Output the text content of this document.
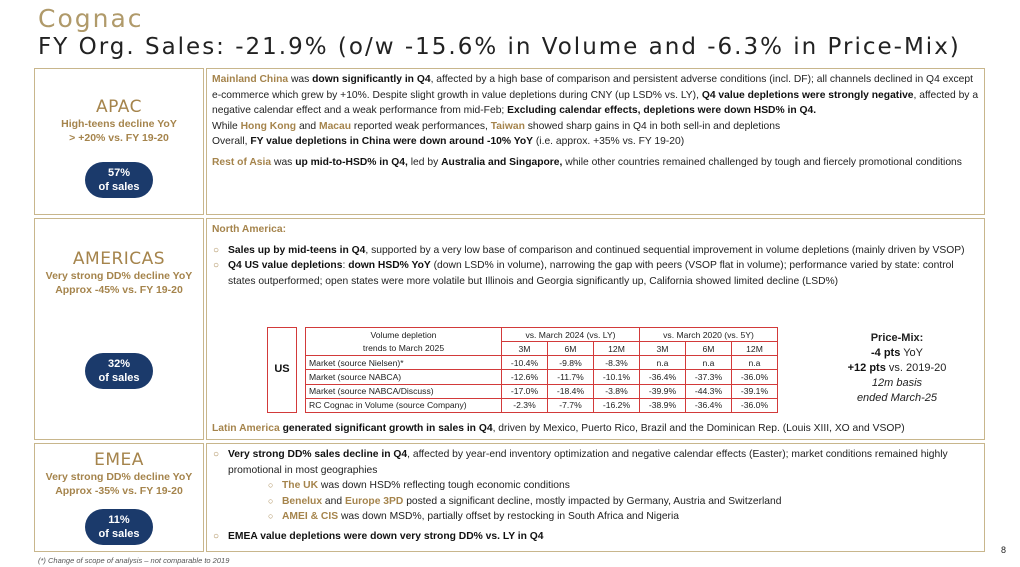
Cognac
FY Org. Sales: -21.9% (o/w -15.6% in Volume and -6.3% in Price-Mix)
APAC
High-teens decline YoY
> +20% vs. FY 19-20
57%
of sales

Mainland China was down significantly in Q4, affected by a high base of comparison and persistent adverse conditions (incl. DF); all channels declined in Q4 except e-commerce which grew by +10%. Despite slight growth in value depletions during CNY (up LSD% vs. LY), Q4 value depletions were strongly negative, affected by a negative calendar effect and a weak performance from mid-Feb; Excluding calendar effects, depletions were down HSD% in Q4.

While Hong Kong and Macau reported weak performances, Taiwan showed sharp gains in Q4 in both sell-in and depletions

Overall, FY value depletions in China were down around -10% YoY (i.e. approx. +35% vs. FY 19-20)

Rest of Asia was up mid-to-HSD% in Q4, led by Australia and Singapore, while other countries remained challenged by tough and fiercely promotional conditions

AMERICAS
Very strong DD% decline YoY
Approx -45% vs. FY 19-20
32%
of sales

North America:

○ Sales up by mid-teens in Q4, supported by a very low base of comparison and continued sequential improvement in volume depletions (mainly driven by VSOP)
○ Q4 US value depletions: down HSD% YoY (down LSD% in volume), narrowing the gap with peers (VSOP flat in volume); performance varied by state: control states outperformed; open states were more volatile but Illinois and Georgia significantly up, California showed limited decline (LSD%)
US
Volume depletion	vs. March 2024 (vs. LY)			vs. March 2020 (vs. 5Y)		
trends to March 2025	3M	6M	12M	3M	6M	12M
Market (source Nielsen)*	-10.4%	-9.8%	-8.3%	n.a	n.a	n.a
Market (source NABCA)	-12.6%	-11.7%	-10.1%	-36.4%	-37.3%	-36.0%
Market (source NABCA/Discuss)	-17.0%	-18.4%	-3.8%	-39.9%	-44.3%	-39.1%
RC Cognac in Volume (source Company)	-2.3%	-7.7%	-16.2%	-38.9%	-36.4%	-36.0%
Price-Mix:
-4 pts YoY
+12 pts vs. 2019-20
12m basis
ended March-25

Latin America generated significant growth in sales in Q4, driven by Mexico, Puerto Rico, Brazil and the Dominican Rep. (Louis XIII, XO and VSOP)

EMEA
Very strong DD% decline YoY
Approx -35% vs. FY 19-20
11%
of sales
○ Very strong DD% sales decline in Q4, affected by year-end inventory optimization and negative calendar effects (Easter); market conditions remained highly promotional in most geographies
○ The UK was down HSD% reflecting tough economic conditions
○ Benelux and Europe 3PD posted a significant decline, mostly impacted by Germany, Austria and Switzerland
○ AMEI & CIS was down MSD%, partially offset by restocking in South Africa and Nigeria
○ EMEA value depletions were down very strong DD% vs. LY in Q4
(*) Change of scope of analysis – not comparable to 2019
8
